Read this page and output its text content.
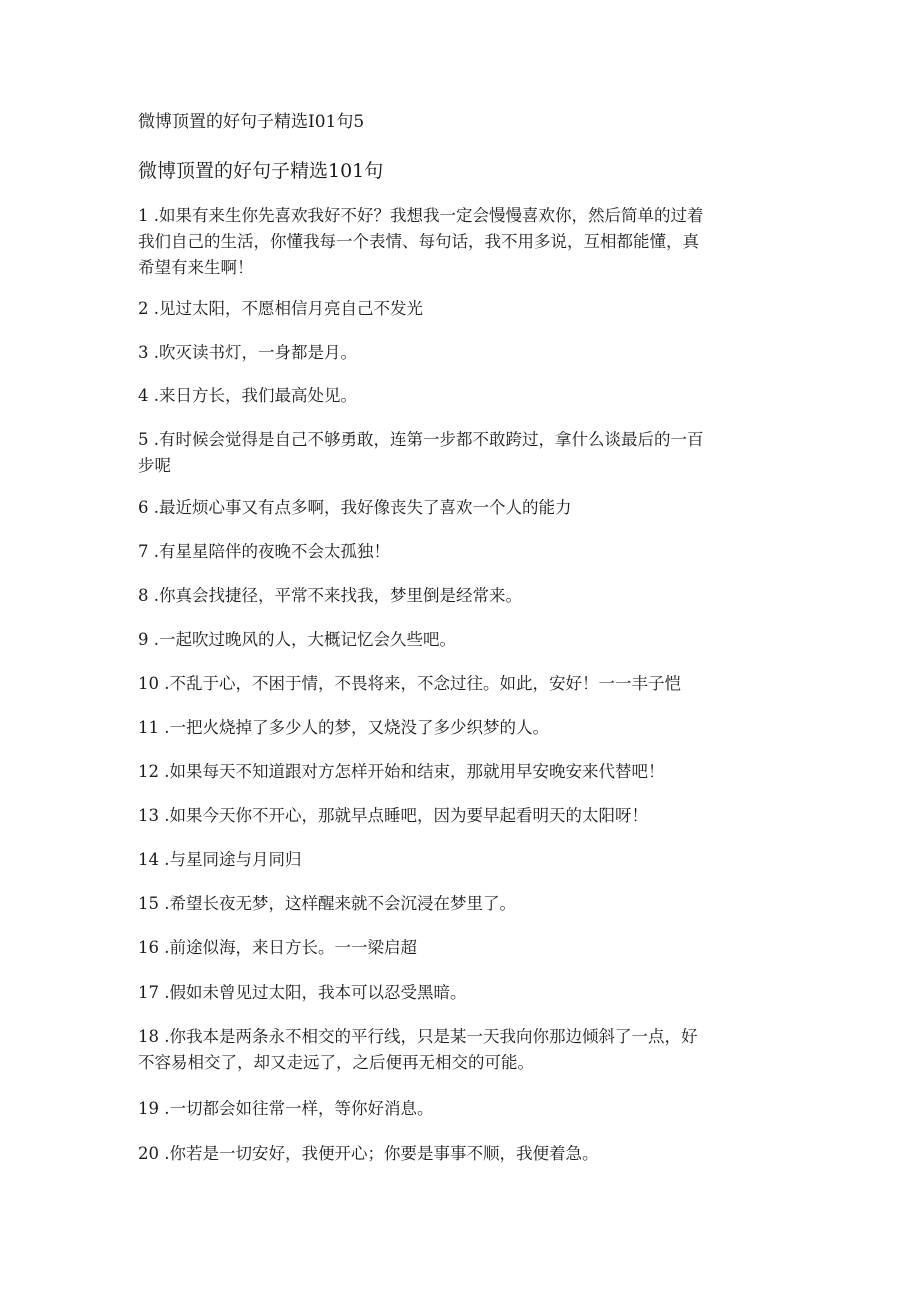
微博顶置的好句子精选I01句5
微博顶置的好句子精选101句
1 .如果有来生你先喜欢我好不好？我想我一定会慢慢喜欢你，然后简单的过着
我们自己的生活，你懂我每一个表情、每句话，我不用多说，互相都能懂，真
希望有来生啊！
2 .见过太阳，不愿相信月亮自己不发光
3 .吹灭读书灯，一身都是月。
4 .来日方长，我们最高处见。
5 .有时候会觉得是自己不够勇敢，连第一步都不敢跨过，拿什么谈最后的一百
步呢
6 .最近烦心事又有点多啊，我好像丧失了喜欢一个人的能力
7 .有星星陪伴的夜晚不会太孤独！
8 .你真会找捷径，平常不来找我，梦里倒是经常来。
9 .一起吹过晚风的人，大概记忆会久些吧。
10 .不乱于心，不困于情，不畏将来，不念过往。如此，安好！一一丰子恺
11 .一把火烧掉了多少人的梦，又烧没了多少织梦的人。
12 .如果每天不知道跟对方怎样开始和结束，那就用早安晚安来代替吧！
13 .如果今天你不开心，那就早点睡吧，因为要早起看明天的太阳呀！
14 .与星同途与月同归
15 .希望长夜无梦，这样醒来就不会沉浸在梦里了。
16 .前途似海，来日方长。一一梁启超
17 .假如未曾见过太阳，我本可以忍受黑暗。
18 .你我本是两条永不相交的平行线，只是某一天我向你那边倾斜了一点，好
不容易相交了，却又走远了，之后便再无相交的可能。
19 .一切都会如往常一样，等你好消息。
20 .你若是一切安好，我便开心；你要是事事不顺，我便着急。
